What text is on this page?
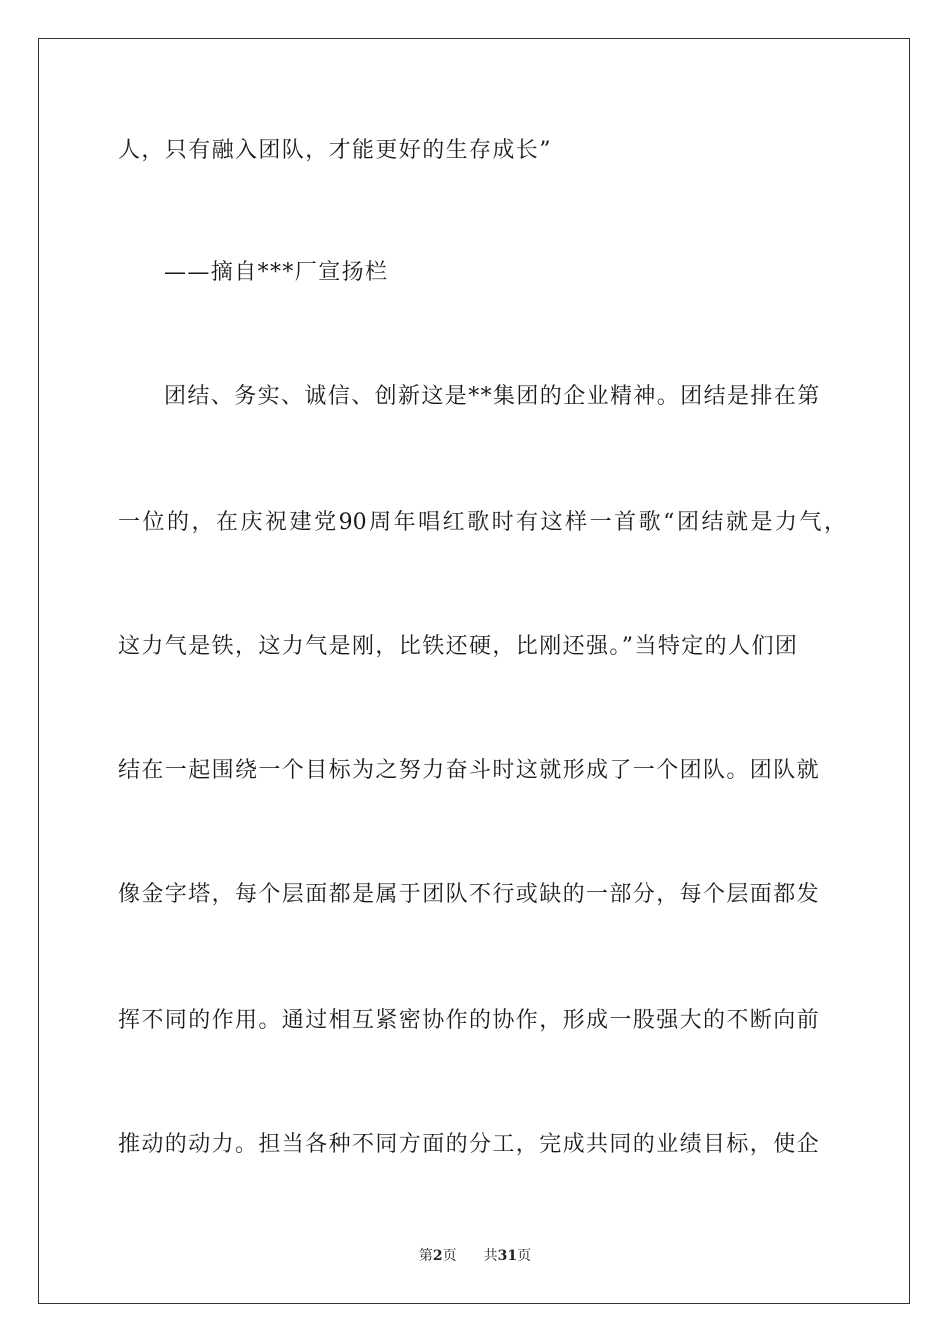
人，只有融入团队，才能更好的生存成长”
——摘自***厂宣扬栏
团结、务实、诚信、创新这是**集团的企业精神。团结是排在第
一位的，在庆祝建党90周年唱红歌时有这样一首歌“团结就是力气，
这力气是铁，这力气是刚，比铁还硬，比刚还强。”当特定的人们团
结在一起围绕一个目标为之努力奋斗时这就形成了一个团队。团队就
像金字塔，每个层面都是属于团队不行或缺的一部分，每个层面都发
挥不同的作用。通过相互紧密协作的协作，形成一股强大的不断向前
推动的动力。担当各种不同方面的分工，完成共同的业绩目标，使企
第2页 共31页
